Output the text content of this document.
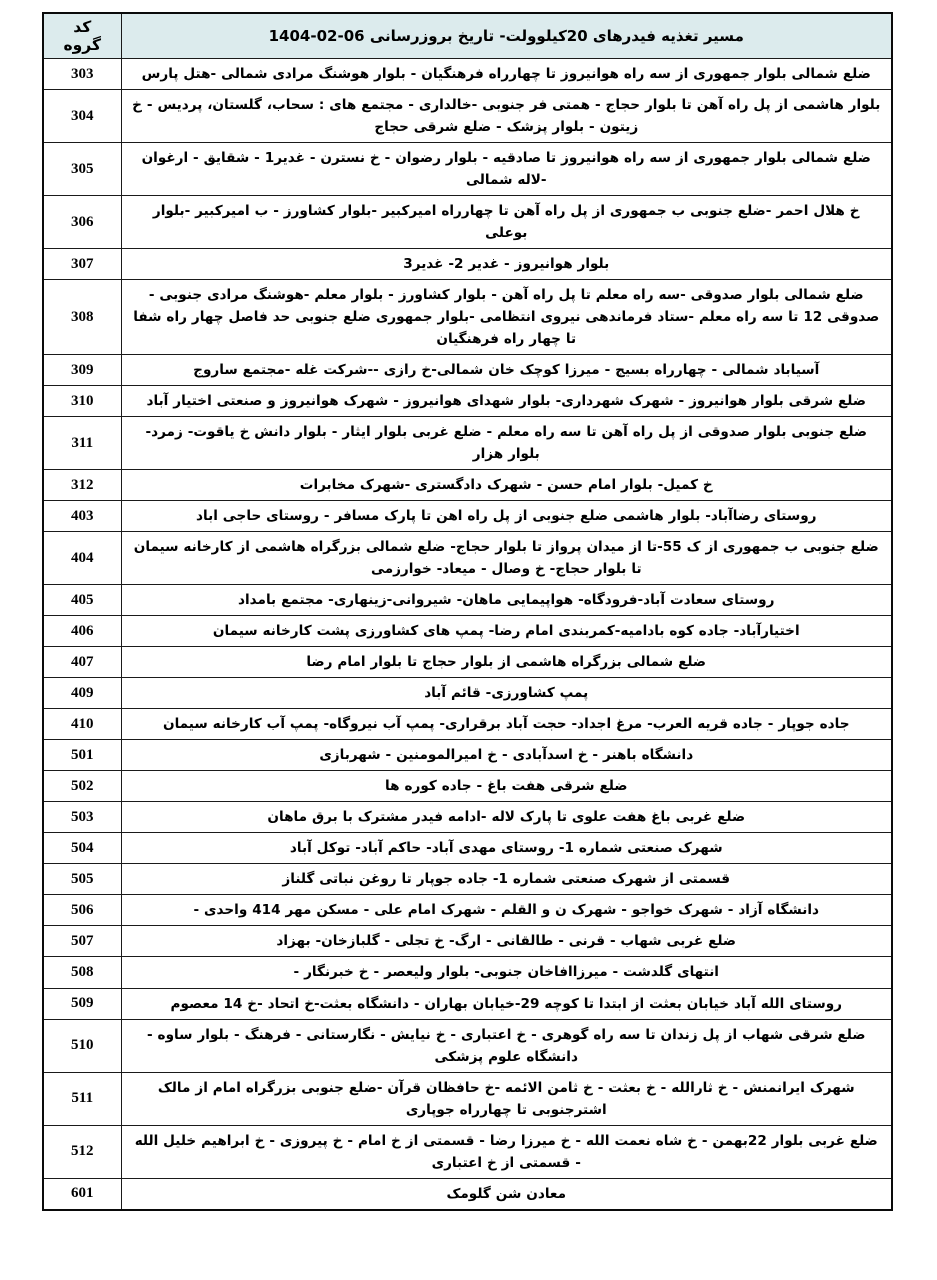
مسیر تغذیه فیدرهای 20کیلوولت- تاریخ بروزرسانی 06-02-1404	کد گروه
ضلع شمالی بلوار جمهوری از سه راه هوانیروز تا چهارراه فرهنگیان - بلوار هوشنگ مرادی شمالی -هتل پارس	303
بلوار هاشمی از پل راه آهن تا بلوار حجاج - همتی فر جنوبی -خالداری - مجتمع های : سحاب، گلستان، پردیس - خ زیتون - بلوار پزشک - ضلع شرقی حجاج	304
ضلع شمالی بلوار جمهوری از سه راه هوانیروز تا صادقیه - بلوار رضوان - خ نسترن - غدیر1 - شقایق - ارغوان -لاله شمالی	305
خ هلال احمر -ضلع جنوبی ب جمهوری از پل راه آهن تا چهارراه امیرکبیر -بلوار کشاورز - ب امیرکبیر -بلوار بوعلی	306
بلوار هوانیروز - غدیر 2- غدیر3	307
ضلع شمالی بلوار صدوقی -سه راه معلم تا پل راه آهن - بلوار کشاورز - بلوار معلم -هوشنگ مرادی جنوبی - صدوقی 12 تا سه راه معلم -ستاد فرماندهی نیروی انتظامی -بلوار جمهوری ضلع جنوبی حد فاصل چهار راه شفا تا چهار راه فرهنگیان	308
آسیاباد شمالی - چهارراه بسیج - میرزا کوچک خان شمالی-خ رازی --شرکت غله -مجتمع ساروج	309
ضلع شرقی بلوار هوانیروز - شهرک شهرداری- بلوار شهدای هوانیروز - شهرک هوانیروز و صنعتی اختیار آباد	310
ضلع جنوبی بلوار صدوقی از پل راه آهن تا سه راه معلم - ضلع غربی بلوار ایثار - بلوار دانش خ یاقوت- زمرد- بلوار هزار	311
خ کمیل- بلوار امام حسن - شهرک دادگستری -شهرک مخابرات	312
روستای رضاآباد- بلوار هاشمی ضلع جنوبی از پل راه اهن تا پارک مسافر - روستای حاجی اباد	403
ضلع جنوبی ب جمهوری از ک 55-تا از میدان پرواز تا بلوار حجاج- ضلع شمالی بزرگراه هاشمی از کارخانه سیمان تا بلوار حجاج- خ وصال - میعاد- خوارزمی	404
روستای سعادت آباد-فرودگاه- هواپیمایی ماهان- شیروانی-زینهاری- مجتمع بامداد	405
اختیارآباد- جاده کوه بادامیه-کمربندی امام رضا- پمپ های کشاورزی پشت کارخانه سیمان	406
ضلع شمالی بزرگراه هاشمی از بلوار حجاج تا بلوار امام رضا	407
پمپ کشاورزی- قائم آباد	409
جاده جوپار - جاده قریه العرب- مرغ اجداد- حجت آباد برقراری- پمپ آب نیروگاه- پمپ آب کارخانه سیمان	410
دانشگاه باهنر - خ اسدآبادی - خ امیرالمومنین - شهربازی	501
ضلع شرقی هفت باغ - جاده کوره ها	502
ضلع غربی باغ هفت علوی تا پارک لاله -ادامه فیدر مشترک با برق ماهان	503
شهرک صنعتی شماره 1- روستای مهدی آباد- حاکم آباد- توکل آباد	504
قسمتی از شهرک صنعتی شماره 1- جاده جوپار تا روغن نباتی گلناز	505
دانشگاه آزاد - شهرک خواجو - شهرک ن و القلم - شهرک امام علی - مسکن مهر 414 واحدی -	506
ضلع غربی شهاب - قرنی - طالقانی - ارگ- خ تجلی - گلبازخان- بهزاد	507
انتهای گلدشت - میرزاافاخان جنوبی- بلوار ولیعصر - خ خبرنگار -	508
روستای الله آباد خیابان بعثت از ابتدا تا کوچه 29-خیابان بهاران - دانشگاه بعثت-خ اتحاد -خ 14 معصوم	509
ضلع شرقی شهاب از پل زندان تا سه راه گوهری - خ اعتباری - خ نیایش - نگارستانی - فرهنگ - بلوار ساوه - دانشگاه علوم پزشکی	510
شهرک ایرانمنش - خ ثارالله - خ بعثت - خ ثامن الائمه -خ حافظان قرآن -ضلع جنوبی بزرگراه امام از مالک اشترجنوبی تا چهارراه جوپاری	511
ضلع غربی بلوار 22بهمن - خ شاه نعمت الله - خ میرزا رضا - قسمتی از خ امام - خ پیروزی - خ ابراهیم خلیل الله - قسمتی از خ اعتباری	512
معادن شن گلومک	601
